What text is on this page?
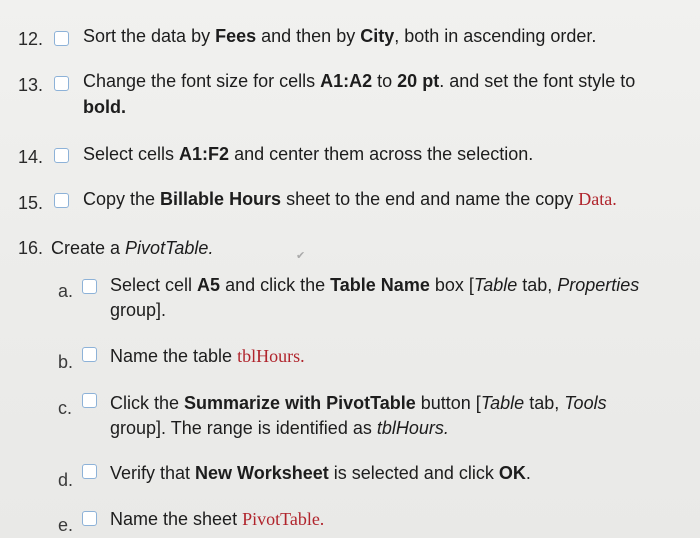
12. Sort the data by Fees and then by City, both in ascending order.
13. Change the font size for cells A1:A2 to 20 pt. and set the font style to
bold.
14. Select cells A1:F2 and center them across the selection.
15. Copy the Billable Hours sheet to the end and name the copy Data.
16. Create a PivotTable.	✔
a. Select cell A5 and click the Table Name box [Table tab, Properties
group].
b. Name the table tblHours.
c. Click the Summarize with PivotTable button [Table tab, Tools
group]. The range is identified as tblHours.
d. Verify that New Worksheet is selected and click OK.
e. Name the sheet PivotTable.
